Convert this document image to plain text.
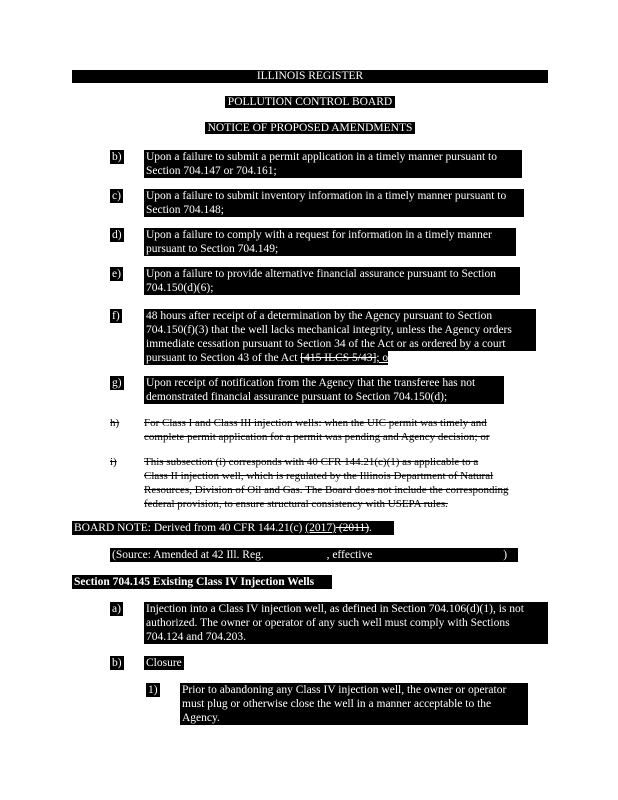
ILLINOIS REGISTER
POLLUTION CONTROL BOARD
NOTICE OF PROPOSED AMENDMENTS
b) Upon a failure to submit a permit application in a timely manner pursuant to
Section 704.147 or 704.161;
c) Upon a failure to submit inventory information in a timely manner pursuant to
Section 704.148;
d) Upon a failure to comply with a request for information in a timely manner
pursuant to Section 704.149;
e) Upon a failure to provide alternative financial assurance pursuant to Section
704.150(d)(6);
f) 48 hours after receipt of a determination by the Agency pursuant to Section
704.150(f)(3) that the well lacks mechanical integrity, unless the Agency orders
immediate cessation pursuant to Section 34 of the Act or as ordered by a court
pursuant to Section 43 of the Act [415 ILCS 5/43]; or
g) Upon receipt of notification from the Agency that the transferee has not
demonstrated financial assurance pursuant to Section 704.150(d);
h) For Class I and Class III injection wells: when the UIC permit was timely and
complete permit application for a permit was pending and Agency decision; or
i) This subsection (i) corresponds with 40 CFR 144.21(c)(1) as applicable to a
Class II injection well, which is regulated by the Illinois Department of Natural
Resources, Division of Oil and Gas. The Board does not include the corresponding
federal provision, to ensure structural consistency with USEPA rules.
BOARD NOTE: Derived from 40 CFR 144.21(c) (2017) (2011).
(Source: Amended at 42 Ill. Reg.	, effective	)
Section 704.145 Existing Class IV Injection Wells
a) Injection into a Class IV injection well, as defined in Section 704.106(d)(1), is not
authorized. The owner or operator of any such well must comply with Sections
704.124 and 704.203.
b) Closure
1) Prior to abandoning any Class IV injection well, the owner or operator
must plug or otherwise close the well in a manner acceptable to the
Agency.
